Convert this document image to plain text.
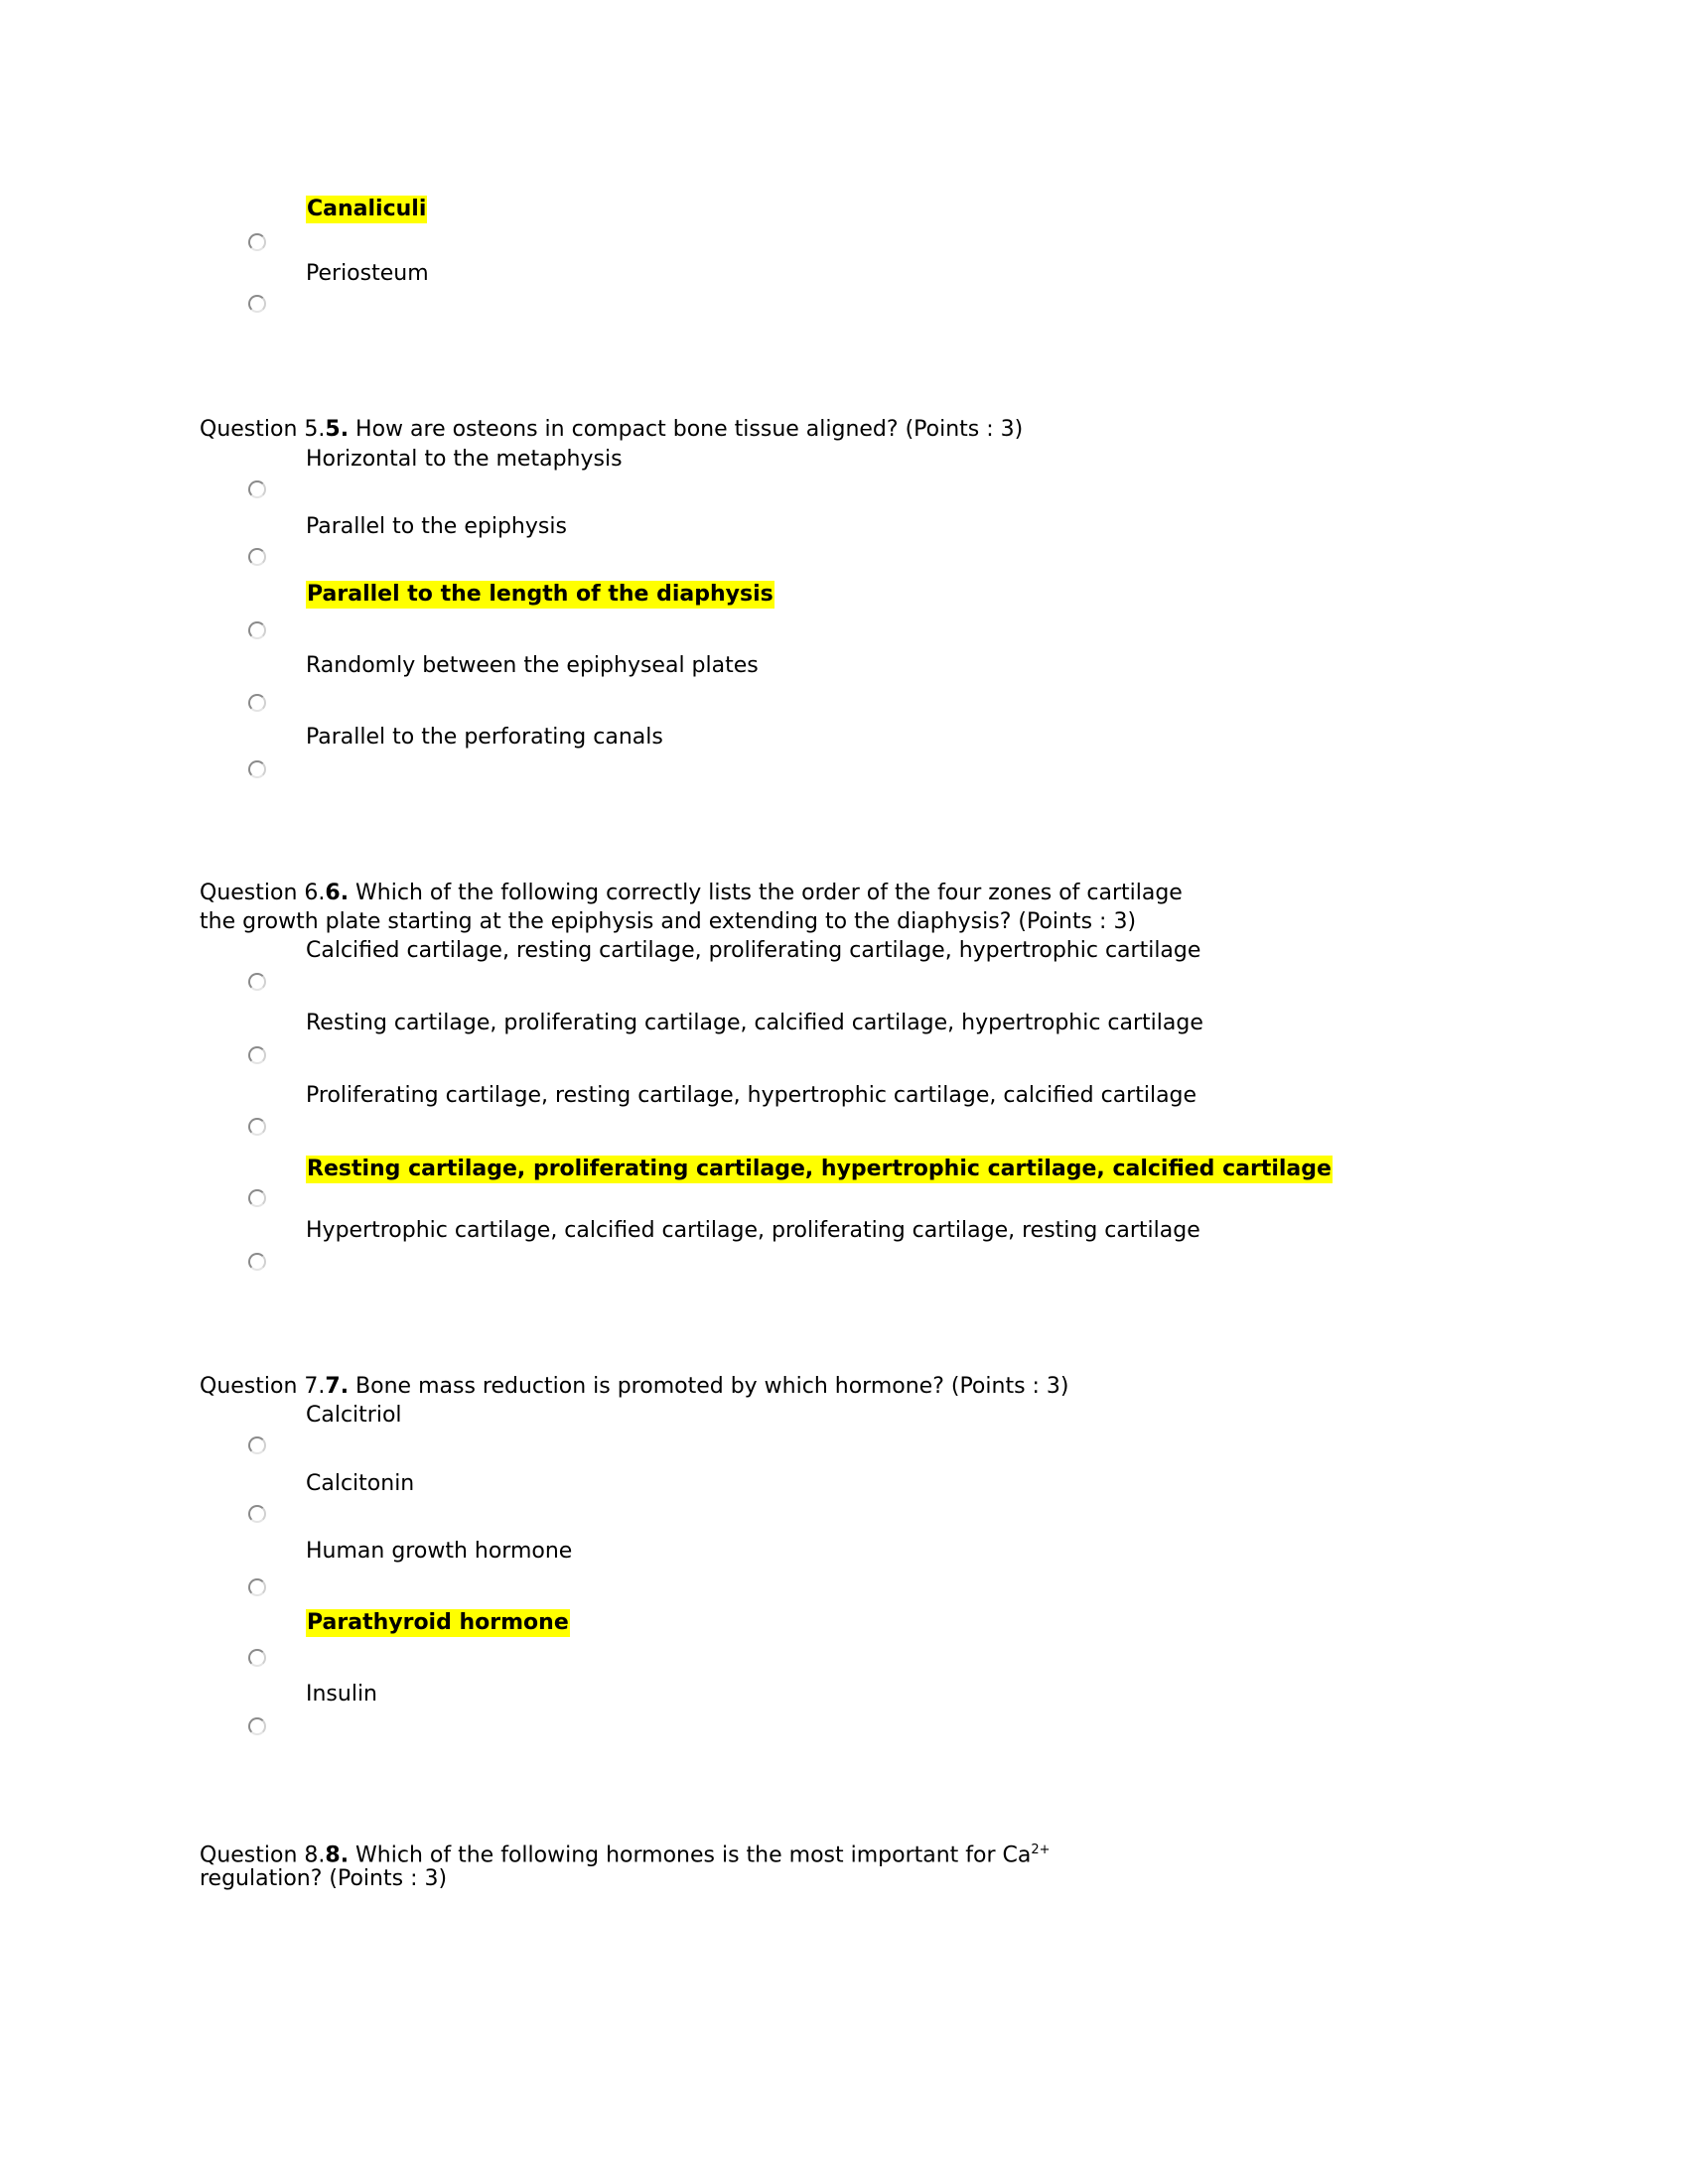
Question 5.5. How are osteons in compact bone tissue aligned? (Points : 3)
Question 6.6. Which of the following correctly lists the order of the four zones of cartilage
the growth plate starting at the epiphysis and extending to the diaphysis? (Points : 3)
Question 7.7. Bone mass reduction is promoted by which hormone? (Points : 3)
Question 8.8. Which of the following hormones is the most important for $Ca^{2+}$
regulation? (Points : 3)
Canaliculi
Periosteum
Horizontal to the metaphysis
Parallel to the epiphysis
Parallel to the length of the diaphysis
Randomly between the epiphyseal plates
Parallel to the perforating canals
Calcified cartilage, resting cartilage, proliferating cartilage, hypertrophic cartilage
Resting cartilage, proliferating cartilage, calcified cartilage, hypertrophic cartilage
Proliferating cartilage, resting cartilage, hypertrophic cartilage, calcified cartilage
Resting cartilage, proliferating cartilage, hypertrophic cartilage, calcified cartilage
Hypertrophic cartilage, calcified cartilage, proliferating cartilage, resting cartilage
Calcitriol
Calcitonin
Human growth hormone
Parathyroid hormone
Insulin
